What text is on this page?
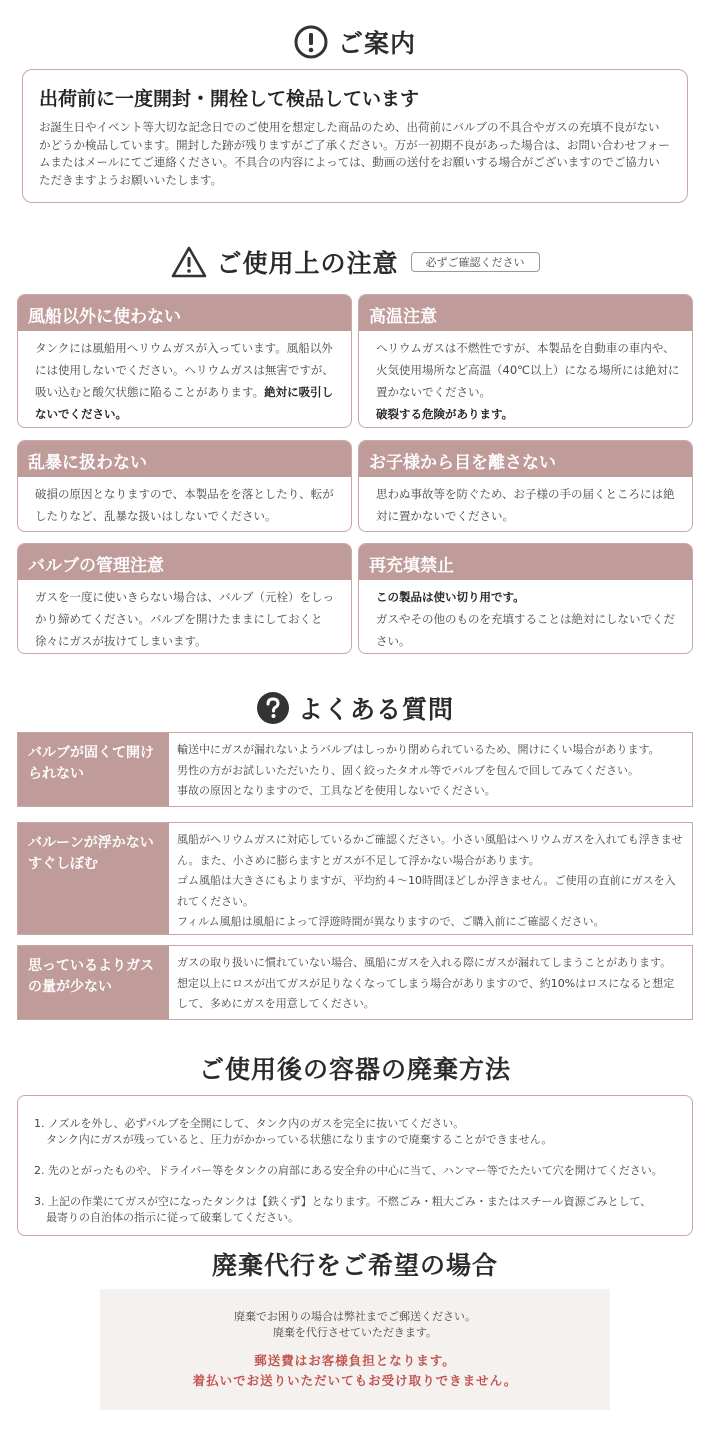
ご案内
出荷前に一度開封・開栓して検品しています
お誕生日やイベント等大切な記念日でのご使用を想定した商品のため、出荷前にバルブの不具合やガスの充填不良がないかどうか検品しています。開封した跡が残りますがご了承ください。万が一初期不良があった場合は、お問い合わせフォームまたはメールにてご連絡ください。不具合の内容によっては、動画の送付をお願いする場合がございますのでご協力いただきますようお願いいたします。
ご使用上の注意	必ずご確認ください
風船以外に使わない
タンクには風船用ヘリウムガスが入っています。風船以外には使用しないでください。ヘリウムガスは無害ですが、吸い込むと酸欠状態に陥ることがあります。絶対に吸引しないでください。
高温注意
ヘリウムガスは不燃性ですが、本製品を自動車の車内や、火気使用場所など高温（40℃以上）になる場所には絶対に置かないでください。
破裂する危険があります。
乱暴に扱わない
破損の原因となりますので、本製品をを落としたり、転がしたりなど、乱暴な扱いはしないでください。
お子様から目を離さない
思わぬ事故等を防ぐため、お子様の手の届くところには絶対に置かないでください。
バルブの管理注意
ガスを一度に使いきらない場合は、バルブ（元栓）をしっかり締めてください。バルブを開けたままにしておくと徐々にガスが抜けてしまいます。
再充填禁止
この製品は使い切り用です。
ガスやその他のものを充填することは絶対にしないでください。
よくある質問
バルブが固くて開けられない
輸送中にガスが漏れないようバルブはしっかり閉められているため、開けにくい場合があります。
男性の方がお試しいただいたり、固く絞ったタオル等でバルブを包んで回してみてください。
事故の原因となりますので、工具などを使用しないでください。
バルーンが浮かないすぐしぼむ
風船がヘリウムガスに対応しているかご確認ください。小さい風船はヘリウムガスを入れても浮きません。また、小さめに膨らますとガスが不足して浮かない場合があります。
ゴム風船は大きさにもよりますが、平均約４〜10時間ほどしか浮きません。ご使用の直前にガスを入れてください。
フィルム風船は風船によって浮遊時間が異なりますので、ご購入前にご確認ください。
思っているよりガスの量が少ない
ガスの取り扱いに慣れていない場合、風船にガスを入れる際にガスが漏れてしまうことがあります。
想定以上にロスが出てガスが足りなくなってしまう場合がありますので、約10%はロスになると想定して、多めにガスを用意してください。
ご使用後の容器の廃棄方法
1. ノズルを外し、必ずバルブを全開にして、タンク内のガスを完全に抜いてください。
タンク内にガスが残っていると、圧力がかかっている状態になりますので廃棄することができません。
2. 先のとがったものや、ドライバー等をタンクの肩部にある安全弁の中心に当て、ハンマー等でたたいて穴を開けてください。
3. 上記の作業にてガスが空になったタンクは【鉄くず】となります。不燃ごみ・粗大ごみ・またはスチール資源ごみとして、
最寄りの自治体の指示に従って破棄してください。
廃棄代行をご希望の場合
廃棄でお困りの場合は弊社までご郵送ください。
廃棄を代行させていただきます。
郵送費はお客様負担となります。
着払いでお送りいただいてもお受け取りできません。
